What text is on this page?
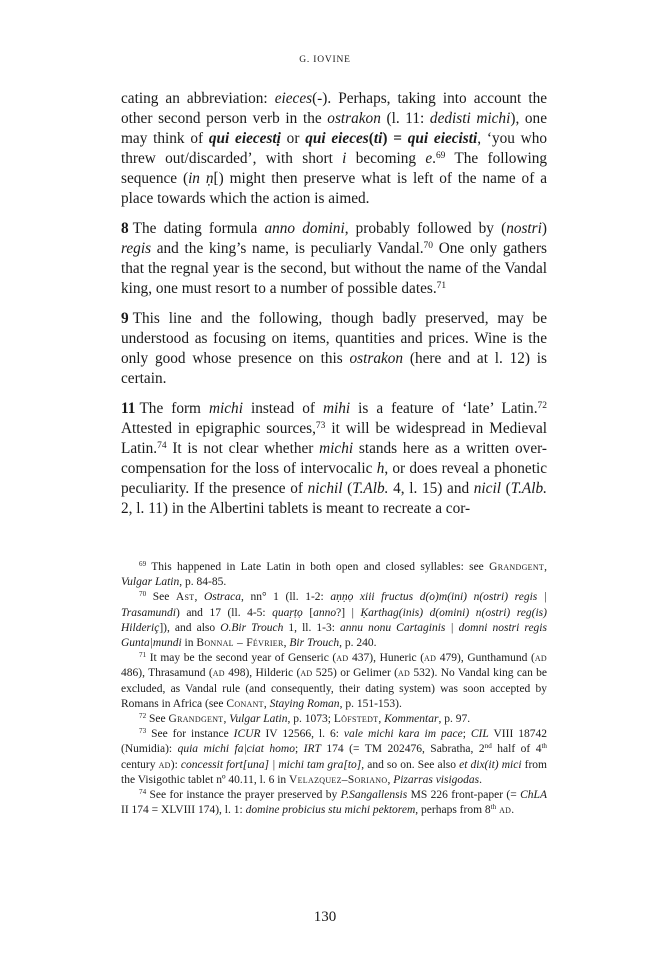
G. IOVINE

cating an abbreviation: eieces(-). Perhaps, taking into account the other second person verb in the ostrakon (l. 11: dedisti michi), one may think of qui eiecestị or qui eieces(ti) = qui eiecisti, ‘you who threw out/discarded’, with short i becoming e.$^{69}$ The following sequence (in ṇ[) might then preserve what is left of the name of a place towards which the action is aimed.

8 The dating formula anno domini, probably followed by (nostri) regis and the king’s name, is peculiarly Vandal.$^{70}$ One only gathers that the regnal year is the second, but without the name of the Vandal king, one must resort to a number of possible dates.$^{71}$

9 This line and the following, though badly preserved, may be understood as focusing on items, quantities and prices. Wine is the only good whose presence on this ostrakon (here and at l. 12) is certain.

11 The form michi instead of mihi is a feature of ‘late’ Latin.$^{72}$ Attested in epigraphic sources,$^{73}$ it will be widespread in Medieval Latin.$^{74}$ It is not clear whether michi stands here as a written over-compensation for the loss of intervocalic h, or does reveal a phonetic peculiarity. If the presence of nichil (T.Alb. 4, l. 15) and nicil (T.Alb. 2, l. 11) in the Albertini tablets is meant to recreate a cor-

$^{69}$ This happened in Late Latin in both open and closed syllables: see Grandgent, Vulgar Latin, p. 84-85.

$^{70}$ See Ast, Ostraca, nn° 1 (ll. 1-2: aṇṇọ xiii fructus d(o)m(ini) n(ostri) regis | Trasamundi) and 17 (ll. 4-5: quaṛṭọ [anno?] | Ḳarthag(inis) d(omini) n(ostri) reg(is) Hilderiç]), and also O.Bir Trouch 1, ll. 1-3: annu nonu Cartaginis | domni nostri regis Gunta|mundi in Bonnal – Février, Bir Trouch, p. 240.

$^{71}$ It may be the second year of Genseric (ad 437), Huneric (ad 479), Gunthamund (ad 486), Thrasamund (ad 498), Hilderic (ad 525) or Gelimer (ad 532). No Vandal king can be excluded, as Vandal rule (and consequently, their dating system) was soon accepted by Romans in Africa (see Conant, Staying Roman, p. 151-153).

$^{72}$ See Grandgent, Vulgar Latin, p. 1073; Löfstedt, Kommentar, p. 97.

$^{73}$ See for instance ICUR IV 12566, l. 6: vale michi kara im pace; CIL VIII 18742 (Numidia): quia michi fa|ciat homo; IRT 174 (= TM 202476, Sabratha, 2nd half of 4th century ad): concessit fort[una] | michi tam gra[to], and so on. See also et dix(it) mici from the Visigothic tablet nº 40.11, l. 6 in Velazquez–Soriano, Pizarras visigodas.

$^{74}$ See for instance the prayer preserved by P.Sangallensis MS 226 front-paper (= ChLA II 174 = XLVIII 174), l. 1: domine probicius stu michi pektorem, perhaps from 8th ad.

130
